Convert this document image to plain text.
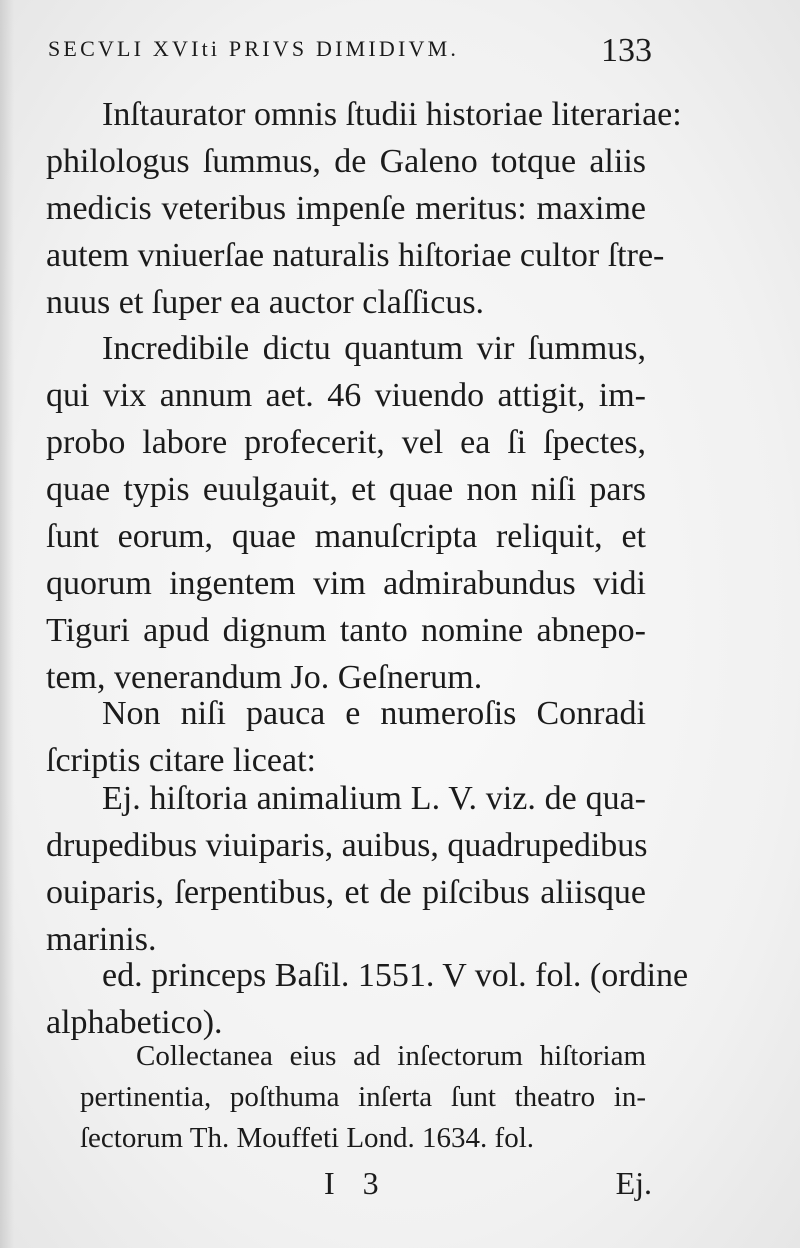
SECVLI XVIti PRIVS DIMIDIVM.	133

Inſtaurator omnis ſtudii historiae literariae:
philologus ſummus, de Galeno totque aliis
medicis veteribus impenſe meritus: maxime
autem vniuerſae naturalis hiſtoriae cultor ſtre-
nuus et ſuper ea auctor claſſicus.

Incredibile dictu quantum vir ſummus,
qui vix annum aet. 46 viuendo attigit, im-
probo labore profecerit, vel ea ſi ſpectes,
quae typis euulgauit, et quae non niſi pars
ſunt eorum, quae manuſcripta reliquit, et
quorum ingentem vim admirabundus vidi
Tiguri apud dignum tanto nomine abnepo-
tem, venerandum Jo. Geſnerum.

Non niſi pauca e numeroſis Conradi
ſcriptis citare liceat:

Ej. hiſtoria animalium L. V. viz. de qua-
drupedibus viuiparis, auibus, quadrupedibus
ouiparis, ſerpentibus, et de piſcibus aliisque
marinis.

ed. princeps Baſil. 1551. V vol. fol. (ordine
alphabetico).

Collectanea eius ad inſectorum hiſtoriam
pertinentia, poſthuma inſerta ſunt theatro in-
ſectorum Th. Mouffeti Lond. 1634. fol.

I 3	Ej.
